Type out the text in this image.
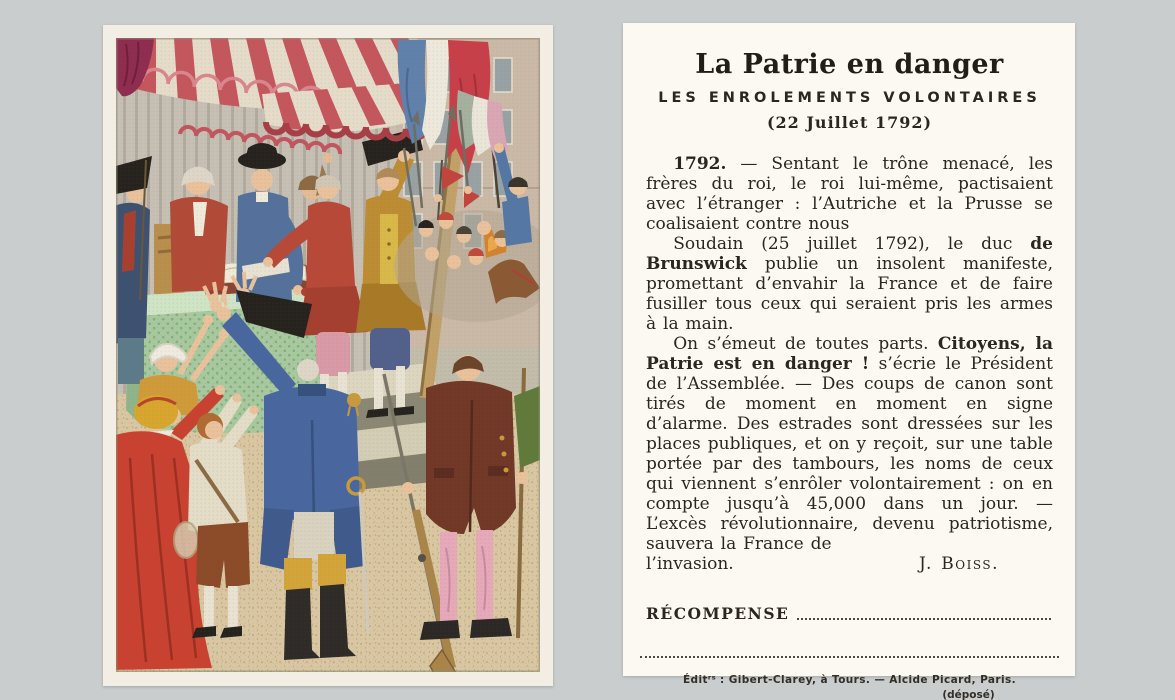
La Patrie en danger
LES ENROLEMENTS VOLONTAIRES
(22 Juillet 1792)

1792. — Sentant le trône menacé, les frères du roi, le roi lui-même, pactisaient avec l’étranger : l’Autriche et la Prusse se coalisaient contre nous

Soudain (25 juillet 1792), le duc de Brunswick publie un insolent manifeste, promettant d’envahir la France et de faire fusiller tous ceux qui seraient pris les armes à la main.

On s’émeut de toutes parts. Citoyens, la Patrie est en danger ! s’écrie le Président de l’Assemblée. — Des coups de canon sont tirés de moment en moment en signe d’alarme. Des estrades sont dressées sur les places publiques, et on y reçoit, sur une table portée par des tambours, les noms de ceux qui viennent s’enrôler volontairement : on en compte jusqu’à 45,000 dans un jour. — L’excès révolutionnaire, devenu patriotisme, sauvera la France de

l’invasion.	J. Boiss.
RÉCOMPENSE
Éditʳˢ : Gibert-Clarey, à Tours. — Alcide Picard, Paris.
(déposé)
